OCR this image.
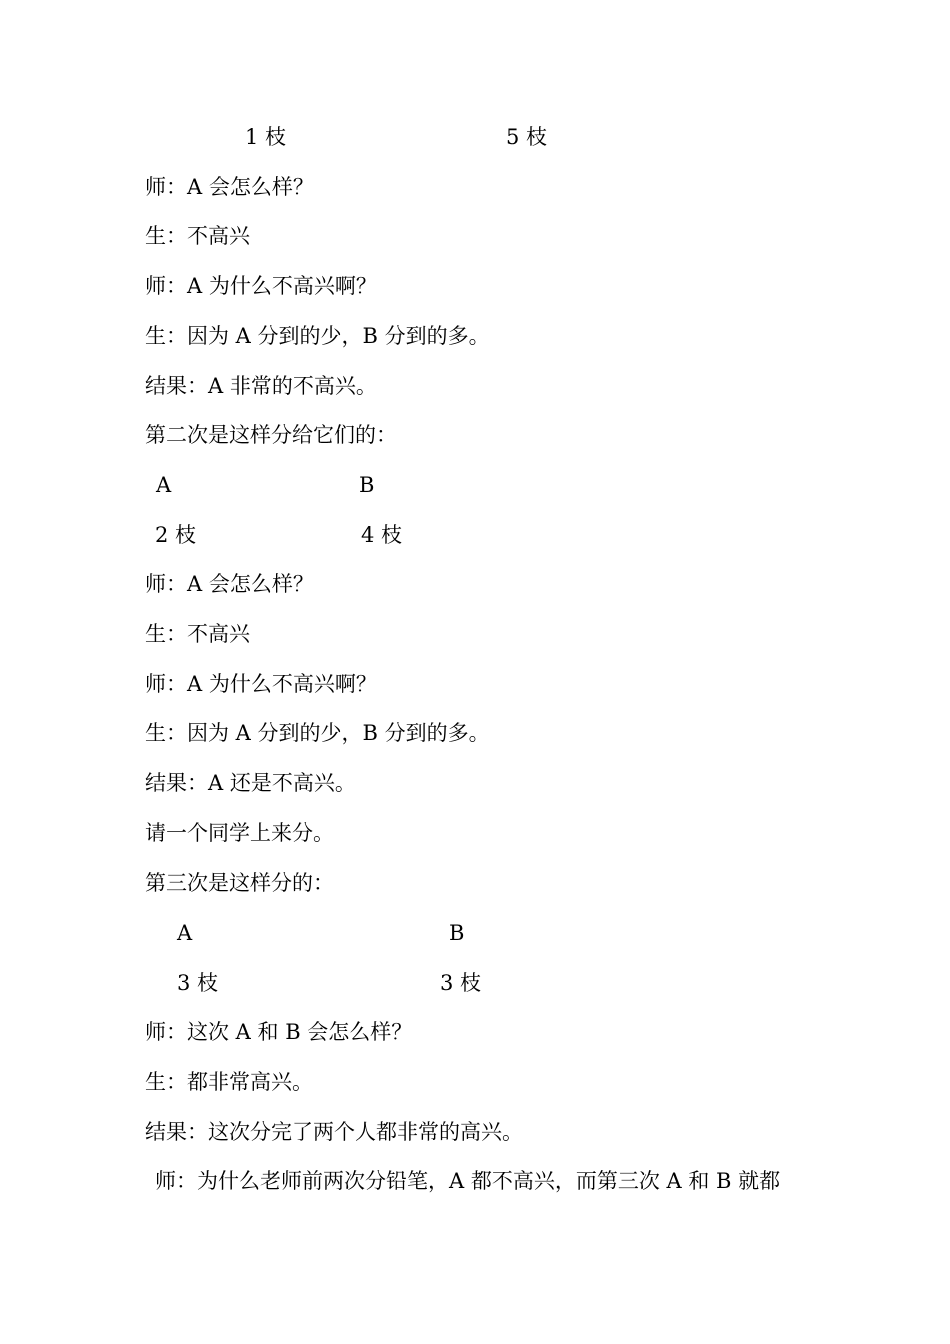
1 枝	5 枝
师：A 会怎么样？
生：不高兴
师：A 为什么不高兴啊？
生：因为 A 分到的少，B 分到的多。
结果：A 非常的不高兴。
第二次是这样分给它们的：
A	B
2 枝	4 枝
师：A 会怎么样？
生：不高兴
师：A 为什么不高兴啊？
生：因为 A 分到的少，B 分到的多。
结果：A 还是不高兴。
请一个同学上来分。
第三次是这样分的：
A	B
3 枝	3 枝
师：这次 A 和 B 会怎么样？
生：都非常高兴。
结果：这次分完了两个人都非常的高兴。
师：为什么老师前两次分铅笔，A 都不高兴，而第三次 A 和 B 就都
